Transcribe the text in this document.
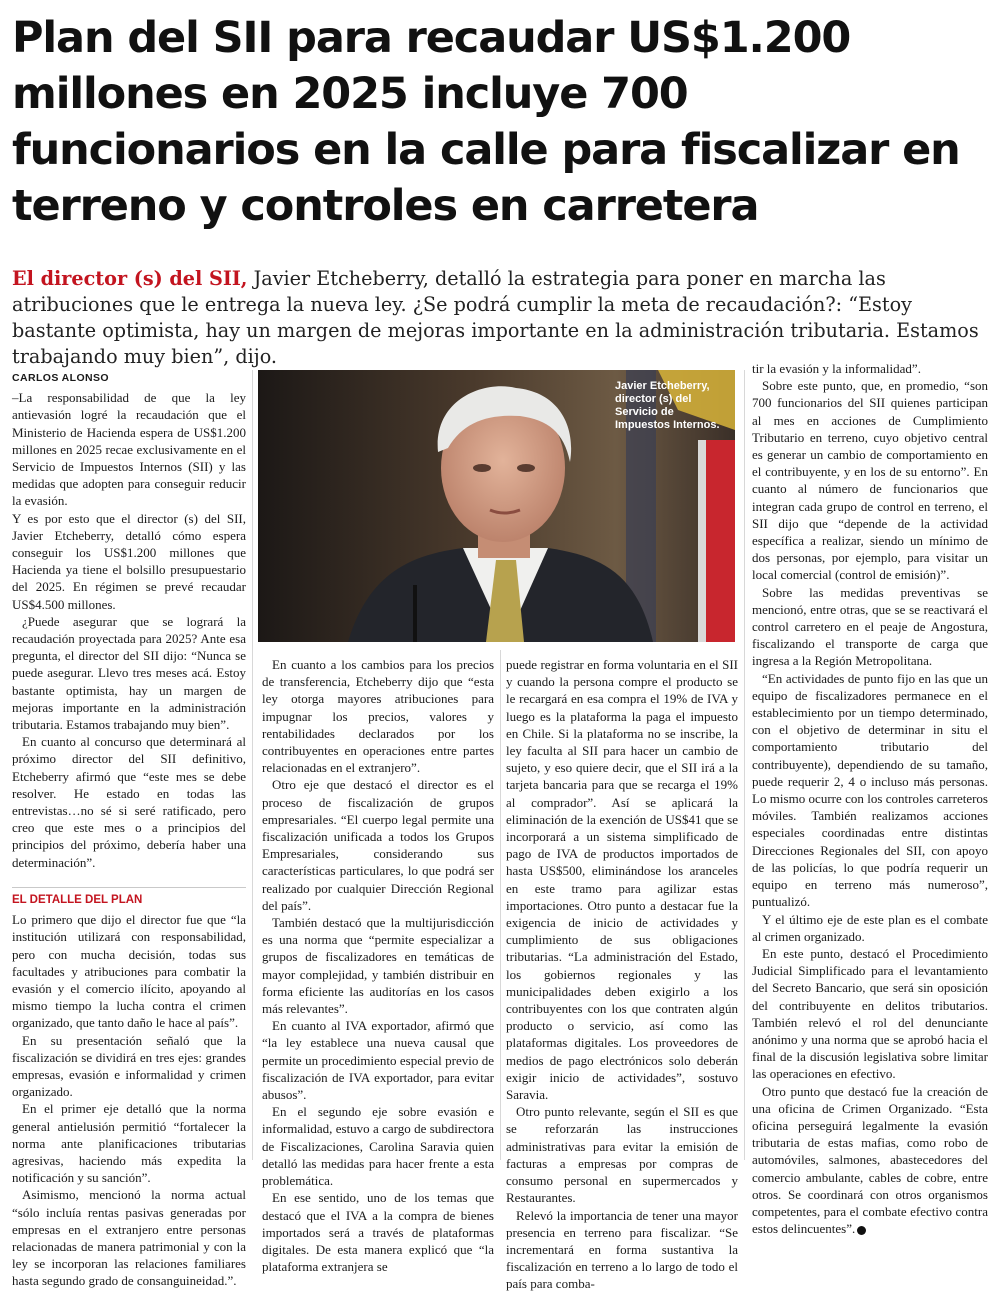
Plan del SII para recaudar US$1.200 millones en 2025 incluye 700 funcionarios en la calle para fiscalizar en terreno y controles en carretera

El director (s) del SII, Javier Etcheberry, detalló la estrategia para poner en marcha las atribuciones que le entrega la nueva ley. ¿Se podrá cumplir la meta de recaudación?: “Estoy bastante optimista, hay un margen de mejoras importante en la administración tributaria. Estamos trabajando muy bien”, dijo.

CARLOS ALONSO

–La responsabilidad de que la ley antievasión logré la recaudación que el Ministerio de Hacienda espera de US$1.200 millones en 2025 recae exclusivamente en el Servicio de Impuestos Internos (SII) y las medidas que adopten para conseguir reducir la evasión.

Y es por esto que el director (s) del SII, Javier Etcheberry, detalló cómo espera conseguir los US$1.200 millones que Hacienda ya tiene el bolsillo presupuestario del 2025. En régimen se prevé recaudar US$4.500 millones.

¿Puede asegurar que se logrará la recaudación proyectada para 2025? Ante esa pregunta, el director del SII dijo: “Nunca se puede asegurar. Llevo tres meses acá. Estoy bastante optimista, hay un margen de mejoras importante en la administración tributaria. Estamos trabajando muy bien”.

En cuanto al concurso que determinará al próximo director del SII definitivo, Etcheberry afirmó que “este mes se debe resolver. He estado en todas las entrevistas…no sé si seré ratificado, pero creo que este mes o a principios del principios del próximo, debería haber una determinación”.

EL DETALLE DEL PLAN

Lo primero que dijo el director fue que “la institución utilizará con responsabilidad, pero con mucha decisión, todas sus facultades y atribuciones para combatir la evasión y el comercio ilícito, apoyando al mismo tiempo la lucha contra el crimen organizado, que tanto daño le hace al país”.

En su presentación señaló que la fiscalización se dividirá en tres ejes: grandes empresas, evasión e informalidad y crimen organizado.

En el primer eje detalló que la norma general antielusión permitió “fortalecer la norma ante planificaciones tributarias agresivas, haciendo más expedita la notificación y su sanción”.

Asimismo, mencionó la norma actual “sólo incluía rentas pasivas generadas por empresas en el extranjero entre personas relacionadas de manera patrimonial y con la ley se incorporan las relaciones familiares hasta segundo grado de consanguineidad.”.

Javier Etcheberry, director (s) del Servicio de Impuestos Internos.

En cuanto a los cambios para los precios de transferencia, Etcheberry dijo que “esta ley otorga mayores atribuciones para impugnar los precios, valores y rentabilidades declarados por los contribuyentes en operaciones entre partes relacionadas en el extranjero”.

Otro eje que destacó el director es el proceso de fiscalización de grupos empresariales. “El cuerpo legal permite una fiscalización unificada a todos los Grupos Empresariales, considerando sus características particulares, lo que podrá ser realizado por cualquier Dirección Regional del país”.

También destacó que la multijurisdicción es una norma que “permite especializar a grupos de fiscalizadores en temáticas de mayor complejidad, y también distribuir en forma eficiente las auditorías en los casos más relevantes”.

En cuanto al IVA exportador, afirmó que “la ley establece una nueva causal que permite un procedimiento especial previo de fiscalización de IVA exportador, para evitar abusos”.

En el segundo eje sobre evasión e informalidad, estuvo a cargo de subdirectora de Fiscalizaciones, Carolina Saravia quien detalló las medidas para hacer frente a esta problemática.

En ese sentido, uno de los temas que destacó que el IVA a la compra de bienes importados será a través de plataformas digitales. De esta manera explicó que “la plataforma extranjera se

puede registrar en forma voluntaria en el SII y cuando la persona compre el producto se le recargará en esa compra el 19% de IVA y luego es la plataforma la paga el impuesto en Chile. Si la plataforma no se inscribe, la ley faculta al SII para hacer un cambio de sujeto, y eso quiere decir, que el SII irá a la tarjeta bancaria para que se recarga el 19% al comprador”. Así se aplicará la eliminación de la exención de US$41 que se incorporará a un sistema simplificado de pago de IVA de productos importados de hasta US$500, eliminándose los aranceles en este tramo para agilizar estas importaciones. Otro punto a destacar fue la exigencia de inicio de actividades y cumplimiento de sus obligaciones tributarias. “La administración del Estado, los gobiernos regionales y las municipalidades deben exigirlo a los contribuyentes con los que contraten algún producto o servicio, así como las plataformas digitales. Los proveedores de medios de pago electrónicos solo deberán exigir inicio de actividades”, sostuvo Saravia.

Otro punto relevante, según el SII es que se reforzarán las instrucciones administrativas para evitar la emisión de facturas a empresas por compras de consumo personal en supermercados y Restaurantes.

Relevó la importancia de tener una mayor presencia en terreno para fiscalizar. “Se incrementará en forma sustantiva la fiscalización en terreno a lo largo de todo el país para comba-

tir la evasión y la informalidad”.

Sobre este punto, que, en promedio, “son 700 funcionarios del SII quienes participan al mes en acciones de Cumplimiento Tributario en terreno, cuyo objetivo central es generar un cambio de comportamiento en el contribuyente, y en los de su entorno”. En cuanto al número de funcionarios que integran cada grupo de control en terreno, el SII dijo que “depende de la actividad específica a realizar, siendo un mínimo de dos personas, por ejemplo, para visitar un local comercial (control de emisión)”.

Sobre las medidas preventivas se mencionó, entre otras, que se se reactivará el control carretero en el peaje de Angostura, fiscalizando el transporte de carga que ingresa a la Región Metropolitana.

“En actividades de punto fijo en las que un equipo de fiscalizadores permanece en el establecimiento por un tiempo determinado, con el objetivo de determinar in situ el comportamiento tributario del contribuyente), dependiendo de su tamaño, puede requerir 2, 4 o incluso más personas. Lo mismo ocurre con los controles carreteros móviles. También realizamos acciones especiales coordinadas entre distintas Direcciones Regionales del SII, con apoyo de las policías, lo que podría requerir un equipo en terreno más numeroso”, puntualizó.

Y el último eje de este plan es el combate al crimen organizado.

En este punto, destacó el Procedimiento Judicial Simplificado para el levantamiento del Secreto Bancario, que será sin oposición del contribuyente en delitos tributarios. También relevó el rol del denunciante anónimo y una norma que se aprobó hacia el final de la discusión legislativa sobre limitar las operaciones en efectivo.

Otro punto que destacó fue la creación de una oficina de Crimen Organizado. “Esta oficina perseguirá legalmente la evasión tributaria de estas mafias, como robo de automóviles, salmones, abastecedores del comercio ambulante, cables de cobre, entre otros. Se coordinará con otros organismos competentes, para el combate efectivo contra estos delincuentes”.
